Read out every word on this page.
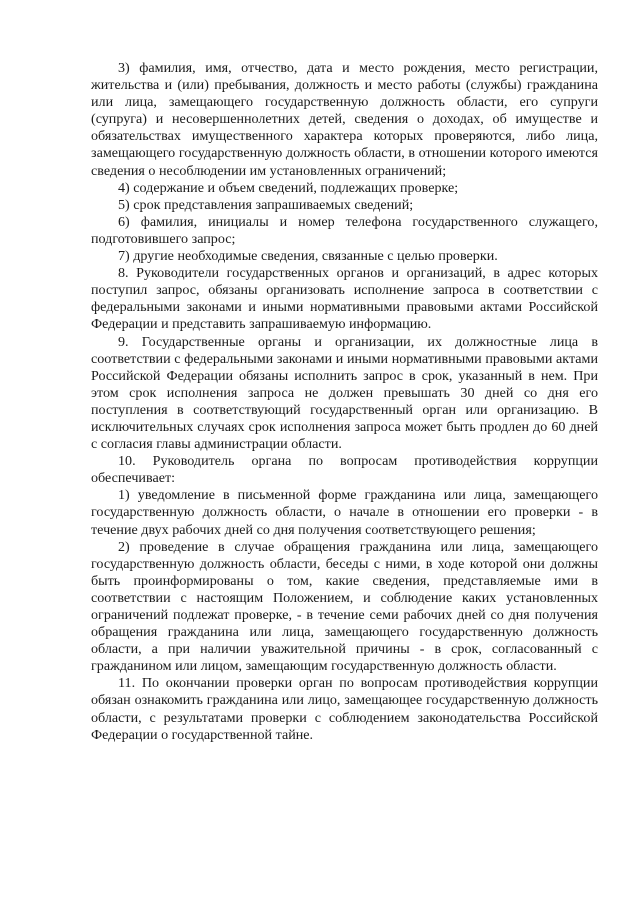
3) фамилия, имя, отчество, дата и место рождения, место регистрации, жительства и (или) пребывания, должность и место работы (службы) гражданина или лица, замещающего государственную должность области, его супруги (супруга) и несовершеннолетних детей, сведения о доходах, об имуществе и обязательствах имущественного характера которых проверяются, либо лица, замещающего государственную должность области, в отношении которого имеются сведения о несоблюдении им установленных ограничений;

4) содержание и объем сведений, подлежащих проверке;

5) срок представления запрашиваемых сведений;

6) фамилия, инициалы и номер телефона государственного служащего, подготовившего запрос;

7) другие необходимые сведения, связанные с целью проверки.

8. Руководители государственных органов и организаций, в адрес которых поступил запрос, обязаны организовать исполнение запроса в соответствии с федеральными законами и иными нормативными правовыми актами Российской Федерации и представить запрашиваемую информацию.

9. Государственные органы и организации, их должностные лица в соответствии с федеральными законами и иными нормативными правовыми актами Российской Федерации обязаны исполнить запрос в срок, указанный в нем. При этом срок исполнения запроса не должен превышать 30 дней со дня его поступления в соответствующий государственный орган или организацию. В исключительных случаях срок исполнения запроса может быть продлен до 60 дней с согласия главы администрации области.

10. Руководитель органа по вопросам противодействия коррупции обеспечивает:

1) уведомление в письменной форме гражданина или лица, замещающего государственную должность области, о начале в отношении его проверки - в течение двух рабочих дней со дня получения соответствующего решения;

2) проведение в случае обращения гражданина или лица, замещающего государственную должность области, беседы с ними, в ходе которой они должны быть проинформированы о том, какие сведения, представляемые ими в соответствии с настоящим Положением, и соблюдение каких установленных ограничений подлежат проверке, - в течение семи рабочих дней со дня получения обращения гражданина или лица, замещающего государственную должность области, а при наличии уважительной причины - в срок, согласованный с гражданином или лицом, замещающим государственную должность области.

11. По окончании проверки орган по вопросам противодействия коррупции обязан ознакомить гражданина или лицо, замещающее государственную должность области, с результатами проверки с соблюдением законодательства Российской Федерации о государственной тайне.
